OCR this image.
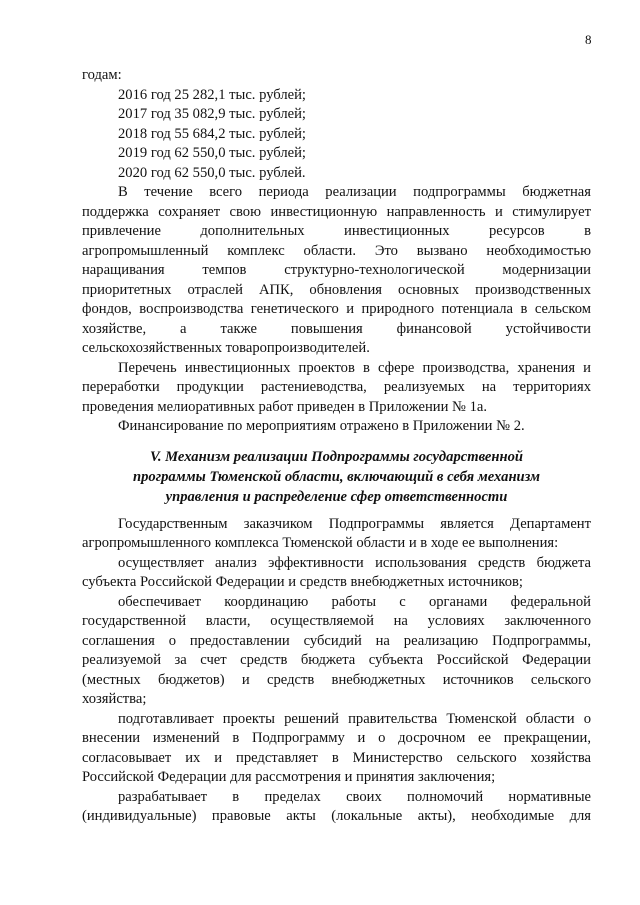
8
годам:
2016 год 25 282,1 тыс. рублей;
2017 год 35 082,9 тыс. рублей;
2018 год 55 684,2 тыс. рублей;
2019 год 62 550,0 тыс. рублей;
2020 год 62 550,0 тыс. рублей.
В течение всего периода реализации подпрограммы бюджетная
поддержка сохраняет свою инвестиционную направленность и стимулирует
привлечение дополнительных инвестиционных ресурсов в
агропромышленный комплекс области. Это вызвано необходимостью
наращивания темпов структурно-технологической модернизации
приоритетных отраслей АПК, обновления основных производственных
фондов, воспроизводства генетического и природного потенциала в сельском
хозяйстве, а также повышения финансовой устойчивости
сельскохозяйственных товаропроизводителей.
Перечень инвестиционных проектов в сфере производства, хранения и
переработки продукции растениеводства, реализуемых на территориях
проведения мелиоративных работ приведен в Приложении № 1а.
Финансирование по мероприятиям отражено в Приложении № 2.
V. Механизм реализации Подпрограммы государственной
программы Тюменской области, включающий в себя механизм
управления и распределение сфер ответственности
Государственным заказчиком Подпрограммы является Департамент
агропромышленного комплекса Тюменской области и в ходе ее выполнения:
осуществляет анализ эффективности использования средств бюджета
субъекта Российской Федерации и средств внебюджетных источников;
обеспечивает координацию работы с органами федеральной
государственной власти, осуществляемой на условиях заключенного
соглашения о предоставлении субсидий на реализацию Подпрограммы,
реализуемой за счет средств бюджета субъекта Российской Федерации
(местных бюджетов) и средств внебюджетных источников сельского
хозяйства;
подготавливает проекты решений правительства Тюменской области о
внесении изменений в Подпрограмму и о досрочном ее прекращении,
согласовывает их и представляет в Министерство сельского хозяйства
Российской Федерации для рассмотрения и принятия заключения;
разрабатывает в пределах своих полномочий нормативные
(индивидуальные) правовые акты (локальные акты), необходимые для
